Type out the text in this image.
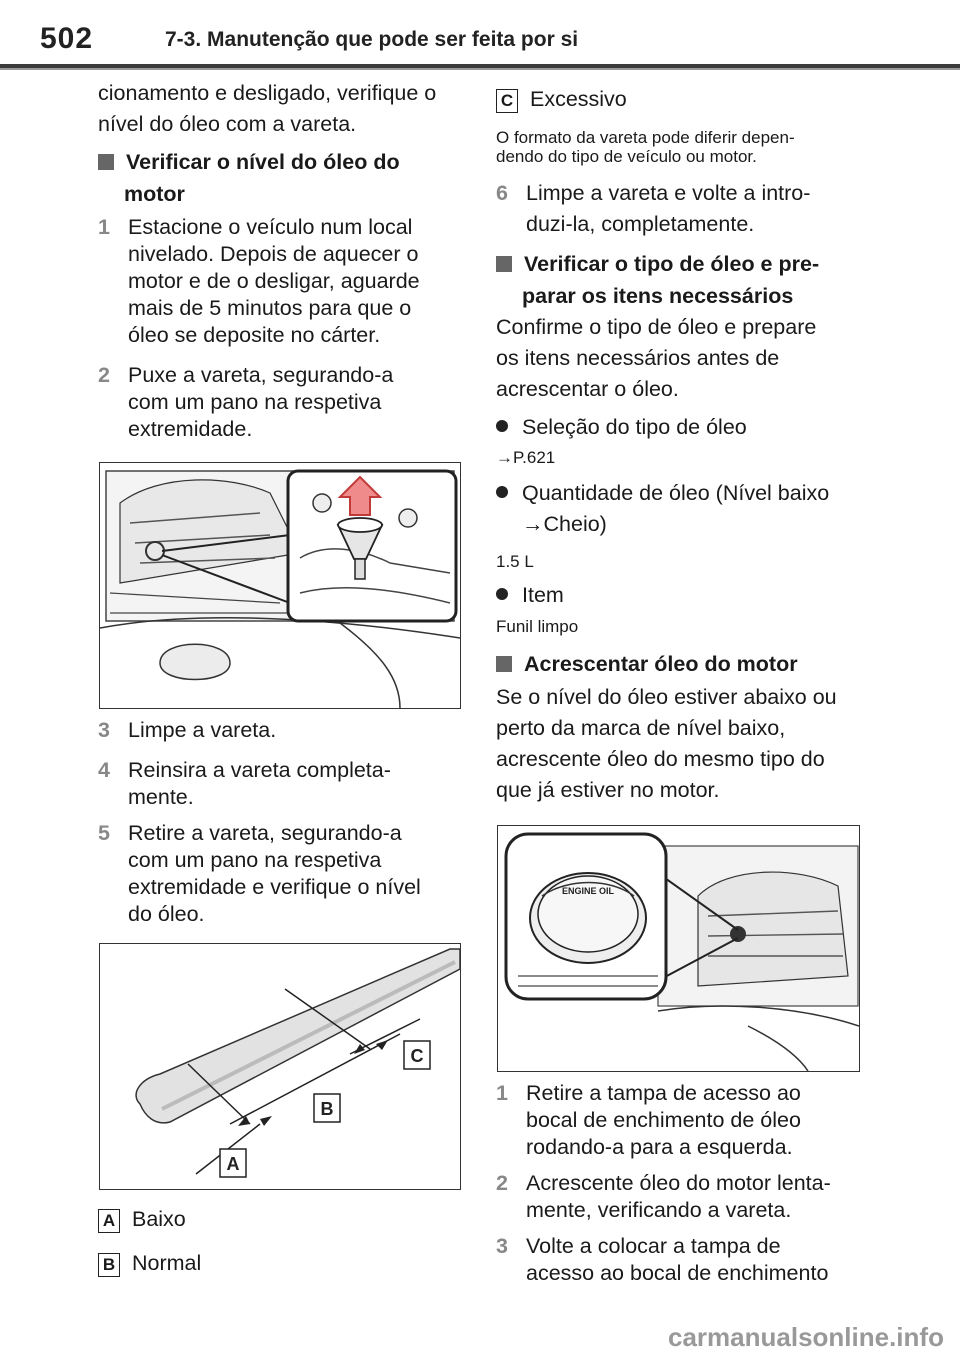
502	7-3. Manutenção que pode ser feita por si
cionamento e desligado, verifique o
nível do óleo com a vareta.
Verificar o nível do óleo do
motor
1 Estacione o veículo num local
nivelado. Depois de aquecer o
motor e de o desligar, aguarde
mais de 5 minutos para que o
óleo se deposite no cárter.
2 Puxe a vareta, segurando-a
com um pano na respetiva
extremidade.
3 Limpe a vareta.
4 Reinsira a vareta completa-
mente.
5 Retire a vareta, segurando-a
com um pano na respetiva
extremidade e verifique o nível
do óleo.
C
B
A
A Baixo
B Normal
C Excessivo
O formato da vareta pode diferir depen-
dendo do tipo de veículo ou motor.
6 Limpe a vareta e volte a intro-
duzi-la, completamente.
Verificar o tipo de óleo e pre-
parar os itens necessários
Confirme o tipo de óleo e prepare
os itens necessários antes de
acrescentar o óleo.
Seleção do tipo de óleo
→P.621
Quantidade de óleo (Nível baixo
→Cheio)
1.5 L
Item
Funil limpo
Acrescentar óleo do motor
Se o nível do óleo estiver abaixo ou
perto da marca de nível baixo,
acrescente óleo do mesmo tipo do
que já estiver no motor.
ENGINE OIL
1 Retire a tampa de acesso ao
bocal de enchimento de óleo
rodando-a para a esquerda.
2 Acrescente óleo do motor lenta-
mente, verificando a vareta.
3 Volte a colocar a tampa de
acesso ao bocal de enchimento
carmanualsonline.info
